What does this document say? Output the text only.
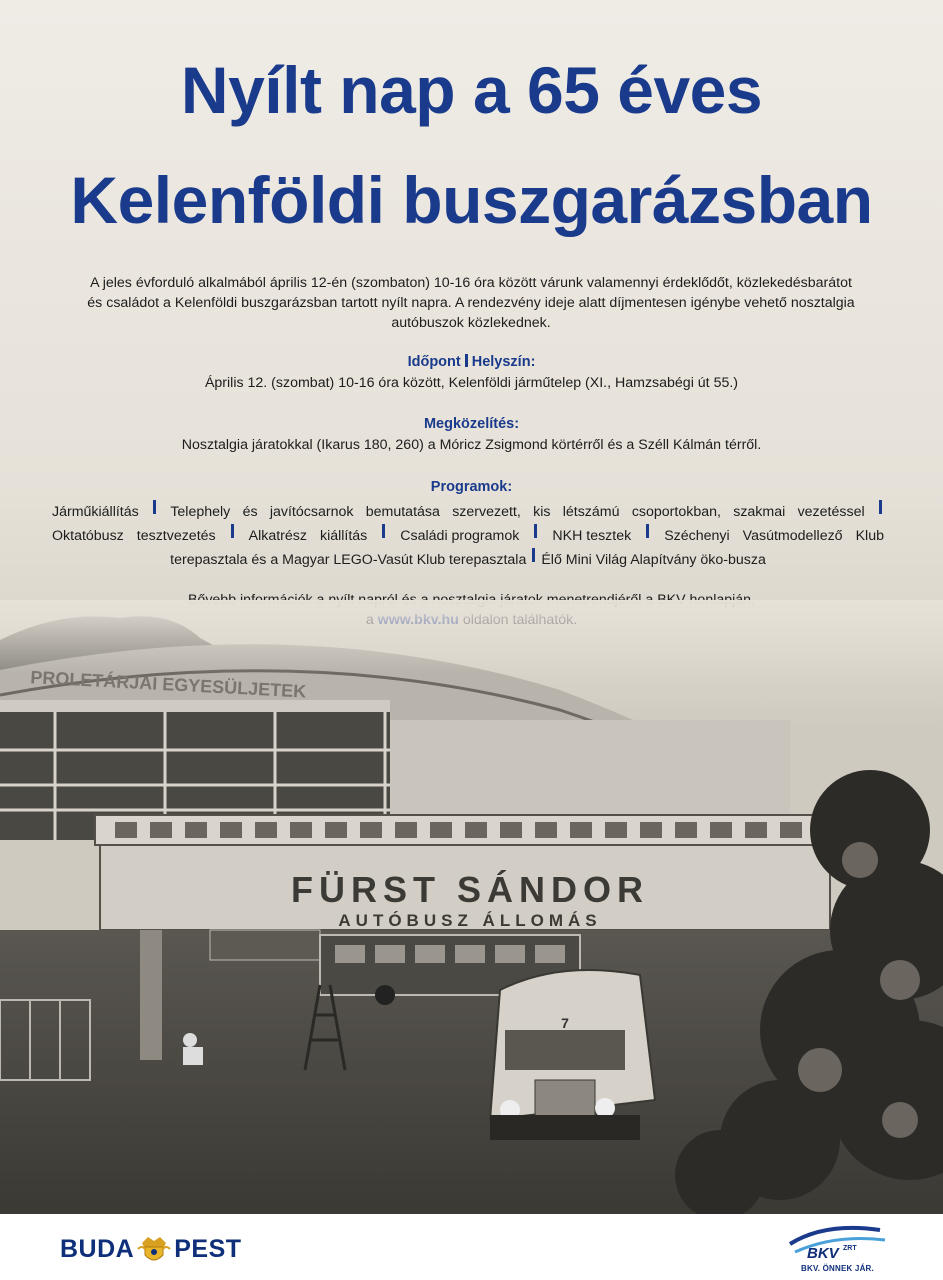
Nyílt nap a 65 éves
Kelenföldi buszgarázsban
A jeles évforduló alkalmából április 12-én (szombaton) 10-16 óra között várunk valamennyi érdeklődőt, közlekedésbarátot
és családot a Kelenföldi buszgarázsban tartott nyílt napra. A rendezvény ideje alatt díjmentesen igénybe vehető nosztalgia
autóbuszok közlekednek.
Időpont Helyszín:
Április 12. (szombat) 10-16 óra között, Kelenföldi járműtelep (XI., Hamzsabégi út 55.)
Megközelítés:
Nosztalgia járatokkal (Ikarus 180, 260) a Móricz Zsigmond körtérről és a Széll Kálmán térről.
Programok:
Járműkiállítás Telephely és javítócsarnok bemutatása szervezett, kis létszámú csoportokban, szakmai vezetéssel
Oktatóbusz tesztvezetés Alkatrész kiállítás Családi programok NKH tesztek Széchenyi Vasútmodellező Klub
terepasztala és a Magyar LEGO-Vasút Klub terepasztala Élő Mini Világ Alapítvány öko-busza
BUDA PEST	BKV ZRT
BKV. ÖNNEK JÁR.
